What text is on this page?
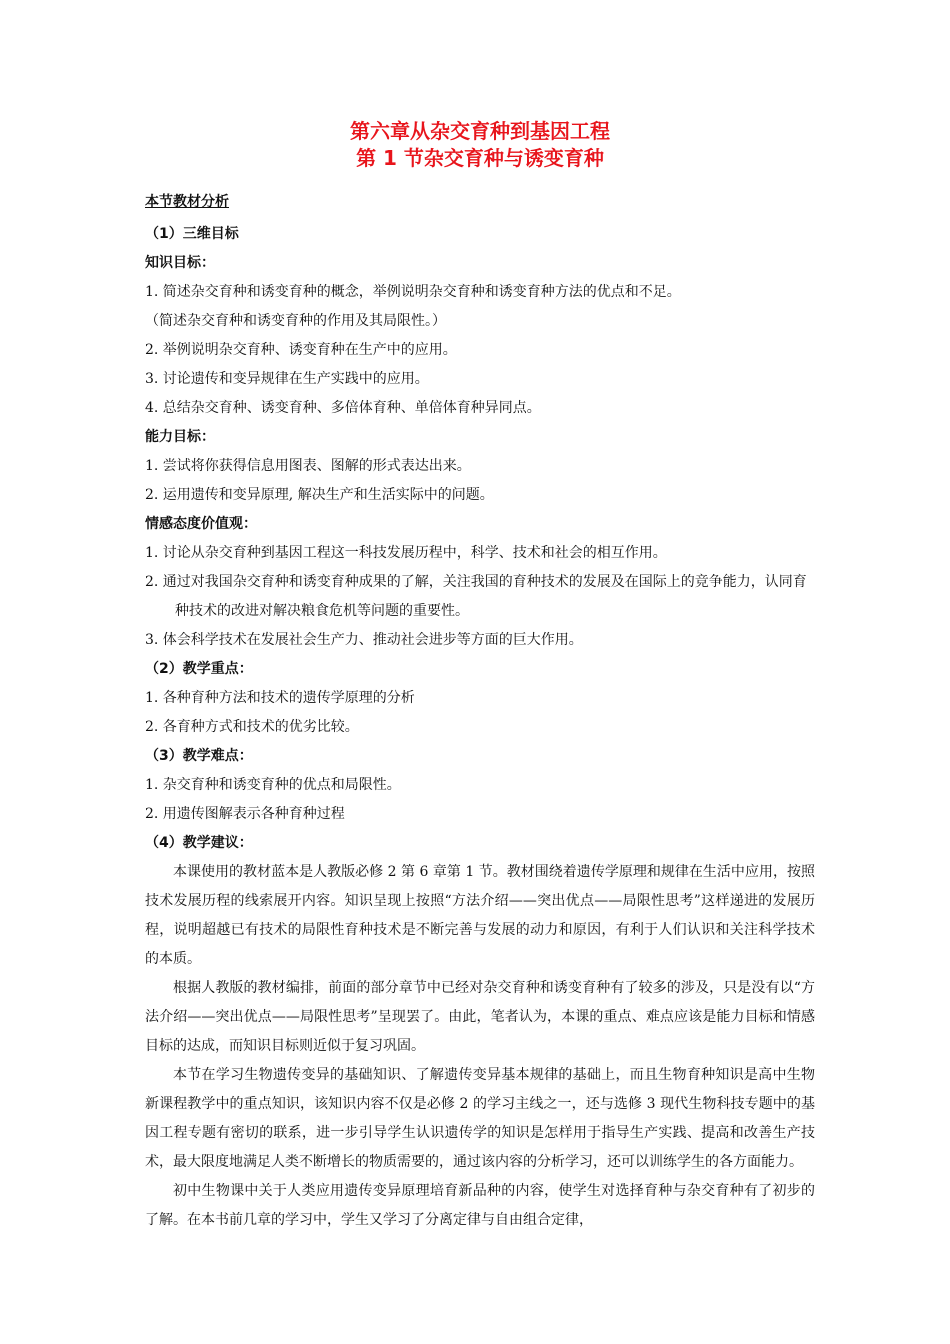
第六章从杂交育种到基因工程

第 1 节杂交育种与诱变育种

本节教材分析

（1）三维目标

知识目标：

1. 简述杂交育种和诱变育种的概念，举例说明杂交育种和诱变育种方法的优点和不足。

（简述杂交育种和诱变育种的作用及其局限性。）

2. 举例说明杂交育种、诱变育种在生产中的应用。

3. 讨论遗传和变异规律在生产实践中的应用。

4. 总结杂交育种、诱变育种、多倍体育种、单倍体育种异同点。

能力目标：

1. 尝试将你获得信息用图表、图解的形式表达出来。

2. 运用遗传和变异原理, 解决生产和生活实际中的问题。

情感态度价值观：

1. 讨论从杂交育种到基因工程这一科技发展历程中，科学、技术和社会的相互作用。

2. 通过对我国杂交育种和诱变育种成果的了解，关注我国的育种技术的发展及在国际上的竞争能力，认同育种技术的改进对解决粮食危机等问题的重要性。

3. 体会科学技术在发展社会生产力、推动社会进步等方面的巨大作用。

（2）教学重点：

1. 各种育种方法和技术的遗传学原理的分析

2. 各育种方式和技术的优劣比较。

（3）教学难点：

1. 杂交育种和诱变育种的优点和局限性。

2. 用遗传图解表示各种育种过程

（4）教学建议：

本课使用的教材蓝本是人教版必修 2 第 6 章第 1 节。教材围绕着遗传学原理和规律在生活中应用，按照技术发展历程的线索展开内容。知识呈现上按照“方法介绍——突出优点——局限性思考”这样递进的发展历程，说明超越已有技术的局限性育种技术是不断完善与发展的动力和原因，有利于人们认识和关注科学技术的本质。

根据人教版的教材编排，前面的部分章节中已经对杂交育种和诱变育种有了较多的涉及，只是没有以“方法介绍——突出优点——局限性思考”呈现罢了。由此，笔者认为，本课的重点、难点应该是能力目标和情感目标的达成，而知识目标则近似于复习巩固。

本节在学习生物遗传变异的基础知识、了解遗传变异基本规律的基础上，而且生物育种知识是高中生物新课程教学中的重点知识，该知识内容不仅是必修 2 的学习主线之一，还与选修 3 现代生物科技专题中的基因工程专题有密切的联系，进一步引导学生认识遗传学的知识是怎样用于指导生产实践、提高和改善生产技术，最大限度地满足人类不断增长的物质需要的，通过该内容的分析学习，还可以训练学生的各方面能力。

初中生物课中关于人类应用遗传变异原理培育新品种的内容，使学生对选择育种与杂交育种有了初步的了解。在本书前几章的学习中，学生又学习了分离定律与自由组合定律，
